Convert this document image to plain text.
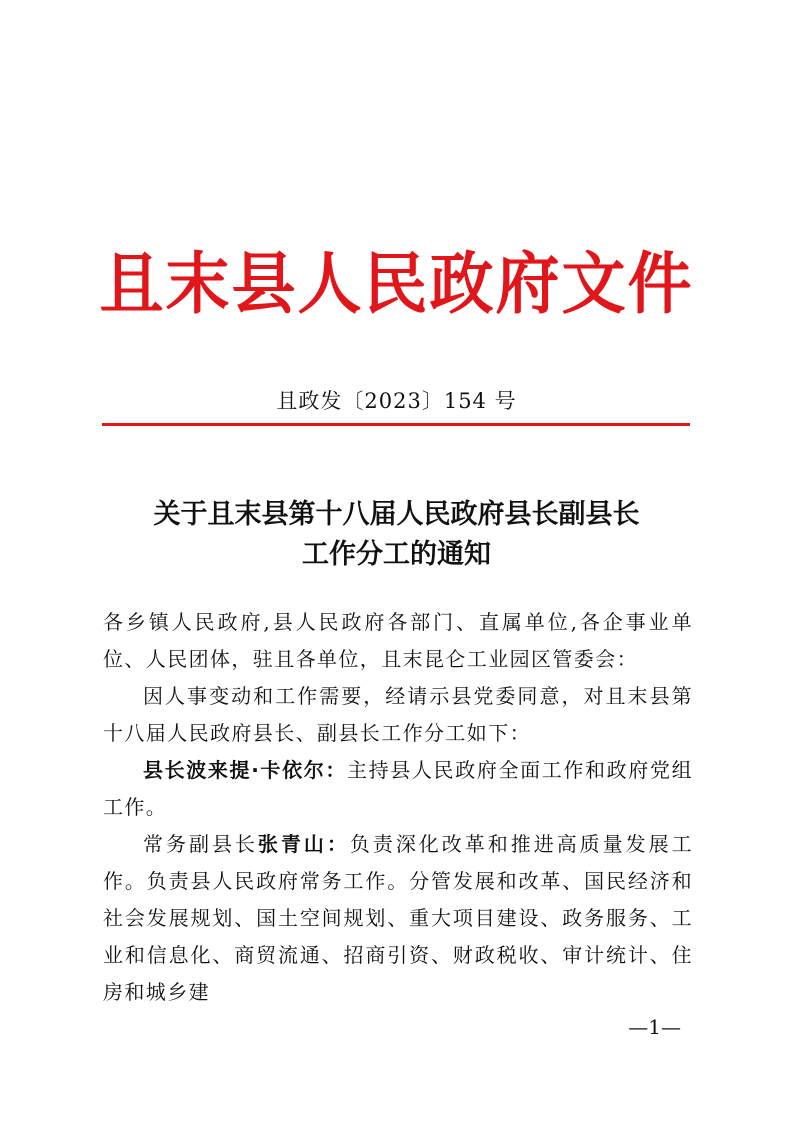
且 末 县 人 民 政 府 文 件
且政发〔2023〕154 号
关于且末县第十八届人民政府县长副县长
工作分工的通知

各乡镇人民政府,县人民政府各部门、直属单位,各企事业单位、人民团体，驻且各单位，且末昆仑工业园区管委会：

因人事变动和工作需要，经请示县党委同意，对且末县第十八届人民政府县长、副县长工作分工如下：

县长波来提·卡依尔：主持县人民政府全面工作和政府党组工作。

常务副县长张青山：负责深化改革和推进高质量发展工作。负责县人民政府常务工作。分管发展和改革、国民经济和社会发展规划、国土空间规划、重大项目建设、政务服务、工业和信息化、商贸流通、招商引资、财政税收、审计统计、住房和城乡建

—1—
